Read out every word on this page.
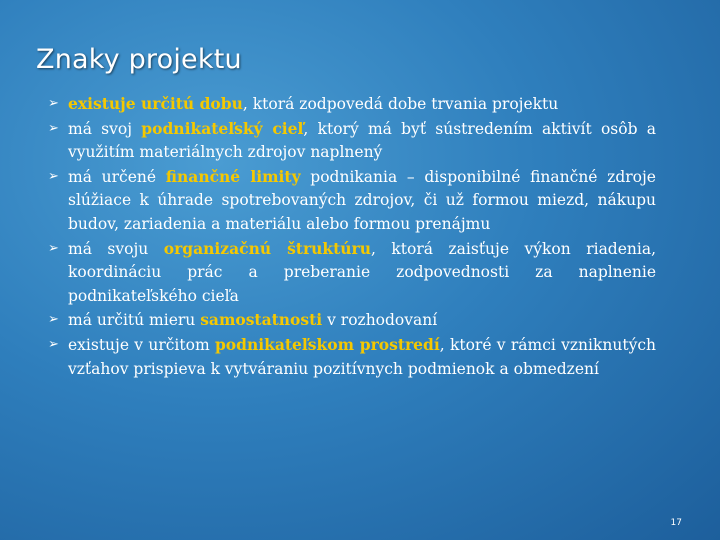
Znaky projektu
➢ existuje určitú dobu, ktorá zodpovedá dobe trvania projektu
➢ má svoj podnikateľský cieľ, ktorý má byť sústredením aktivít osôb a využitím materiálnych zdrojov naplnený
➢ má určené finančné limity podnikania – disponibilné finančné zdroje slúžiace k úhrade spotrebovaných zdrojov, či už formou miezd, nákupu budov, zariadenia a materiálu alebo formou prenájmu
➢ má svoju organizačnú štruktúru, ktorá zaisťuje výkon riadenia, koordináciu prác a preberanie zodpovednosti za naplnenie podnikateľského cieľa
➢ má určitú mieru samostatnosti v rozhodovaní
➢ existuje v určitom podnikateľskom prostredí, ktoré v rámci vzniknutých vzťahov prispieva k vytváraniu pozitívnych podmienok a obmedzení
17
